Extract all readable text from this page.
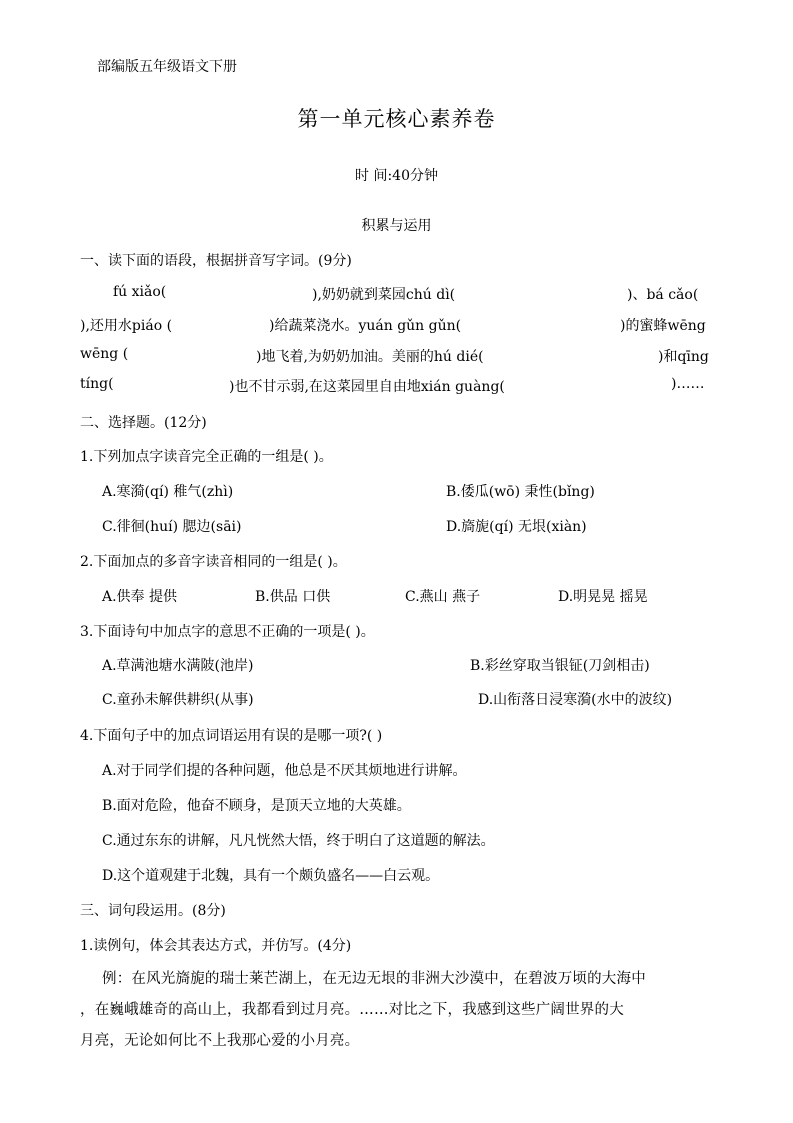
部编版五年级语文下册
第一单元核心素养卷
时 间:40分钟
积累与运用
一、读下面的语段，根据拼音写字词。(9分)
fú xiǎo(	),奶奶就到菜园chú dì(	)、bá cǎo(
),还用水piáo (	)给蔬菜浇水。yuán gǔn gǔn(	)的蜜蜂wēng
wēng (	)地飞着,为奶奶加油。美丽的hú dié(	)和qīng
tíng(	)也不甘示弱,在这菜园里自由地xián guàng(	)……
二、选择题。(12分)
1.下列加点字读音完全正确的一组是( )。
A.寒漪(qí) 稚气(zhì)	B.倭瓜(wō) 秉性(bǐng)
C.徘徊(huí) 腮边(sāi)	D.旖旎(qí) 无垠(xiàn)
2.下面加点的多音字读音相同的一组是( )。
A.供奉 提供	B.供品 口供	C.燕山 燕子	D.明晃晃 摇晃
3.下面诗句中加点字的意思不正确的一项是( )。
A.草满池塘水满陂(池岸)	B.彩丝穿取当银钲(刀剑相击)
C.童孙未解供耕织(从事)	D.山衔落日浸寒漪(水中的波纹)
4.下面句子中的加点词语运用有误的是哪一项?( )
A.对于同学们提的各种问题，他总是不厌其烦地进行讲解。
B.面对危险，他奋不顾身，是顶天立地的大英雄。
C.通过东东的讲解，凡凡恍然大悟，终于明白了这道题的解法。
D.这个道观建于北魏，具有一个颇负盛名——白云观。
三、词句段运用。(8分)
1.读例句，体会其表达方式，并仿写。(4分)
例：在风光旖旎的瑞士莱芒湖上，在无边无垠的非洲大沙漠中，在碧波万顷的大海中
，在巍峨雄奇的高山上，我都看到过月亮。……对比之下，我感到这些广阔世界的大
月亮，无论如何比不上我那心爱的小月亮。
